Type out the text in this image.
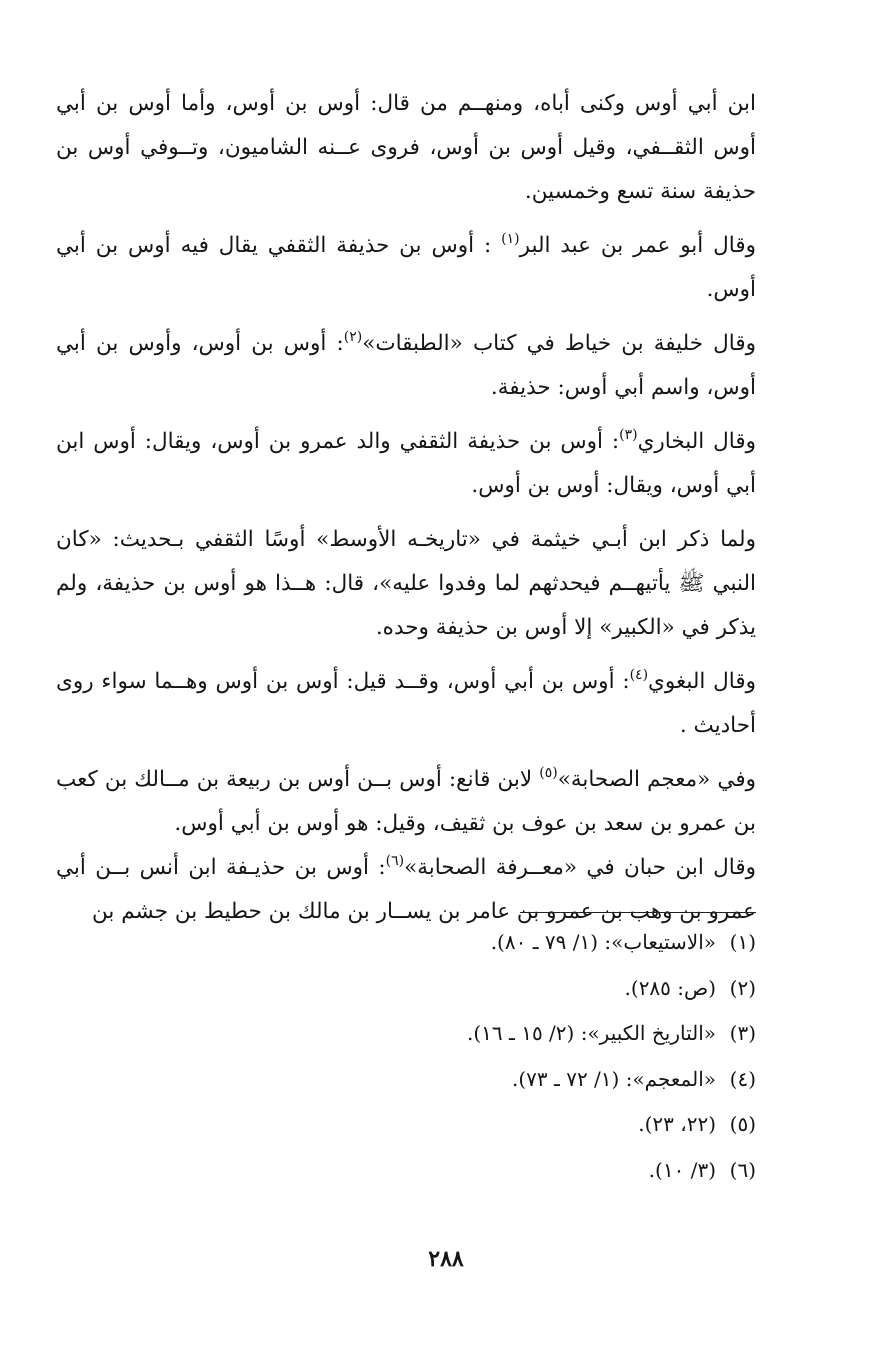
ابن أبي أوس وكنى أباه، ومنهــم من قال: أوس بن أوس، وأما أوس بن أبي أوس الثقــفي، وقيل أوس بن أوس، فروى عــنه الشاميون، وتــوفي أوس بن حذيفة سنة تسع وخمسين.

وقال أبو عمر بن عبد البر$^{(١)}$ : أوس بن حذيفة الثقفي يقال فيه أوس بن أبي أوس.

وقال خليفة بن خياط في كتاب «الطبقات»$^{(٢)}$: أوس بن أوس، وأوس بن أبي أوس، واسم أبي أوس: حذيفة.

وقال البخاري$^{(٣)}$: أوس بن حذيفة الثقفي والد عمرو بن أوس، ويقال: أوس ابن أبي أوس، ويقال: أوس بن أوس.

ولما ذكر ابن أبـي خيثمة في «تاريخـه الأوسط» أوسًا الثقفي بـحديث: «كان النبي ﷺ يأتيهــم فيحدثهم لما وفدوا عليه»، قال: هــذا هو أوس بن حذيفة، ولم يذكر في «الكبير» إلا أوس بن حذيفة وحده.

وقال البغوي$^{(٤)}$: أوس بن أبي أوس، وقــد قيل: أوس بن أوس وهــما سواء روى أحاديث .

وفي «معجم الصحابة»$^{(٥)}$ لابن قانع: أوس بــن أوس بن ربيعة بن مــالك بن كعب بن عمرو بن سعد بن عوف بن ثقيف، وقيل: هو أوس بن أبي أوس.

وقال ابن حبان في «معــرفة الصحابة»$^{(٦)}$: أوس بن حذيـفة ابن أنس بــن أبي عمرو بن وهب بن عمرو بن عامر بن يســار بن مالك بن حطيط بن جشم بن

(١)«الاستيعاب»: (١/ ٧٩ ـ ٨٠).

(٢)(ص: ٢٨٥).

(٣)«التاريخ الكبير»: (٢/ ١٥ ـ ١٦).

(٤)«المعجم»: (١/ ٧٢ ـ ٧٣).

(٥)(٢٢، ٢٣).

(٦)(٣/ ١٠).

٢٨٨
